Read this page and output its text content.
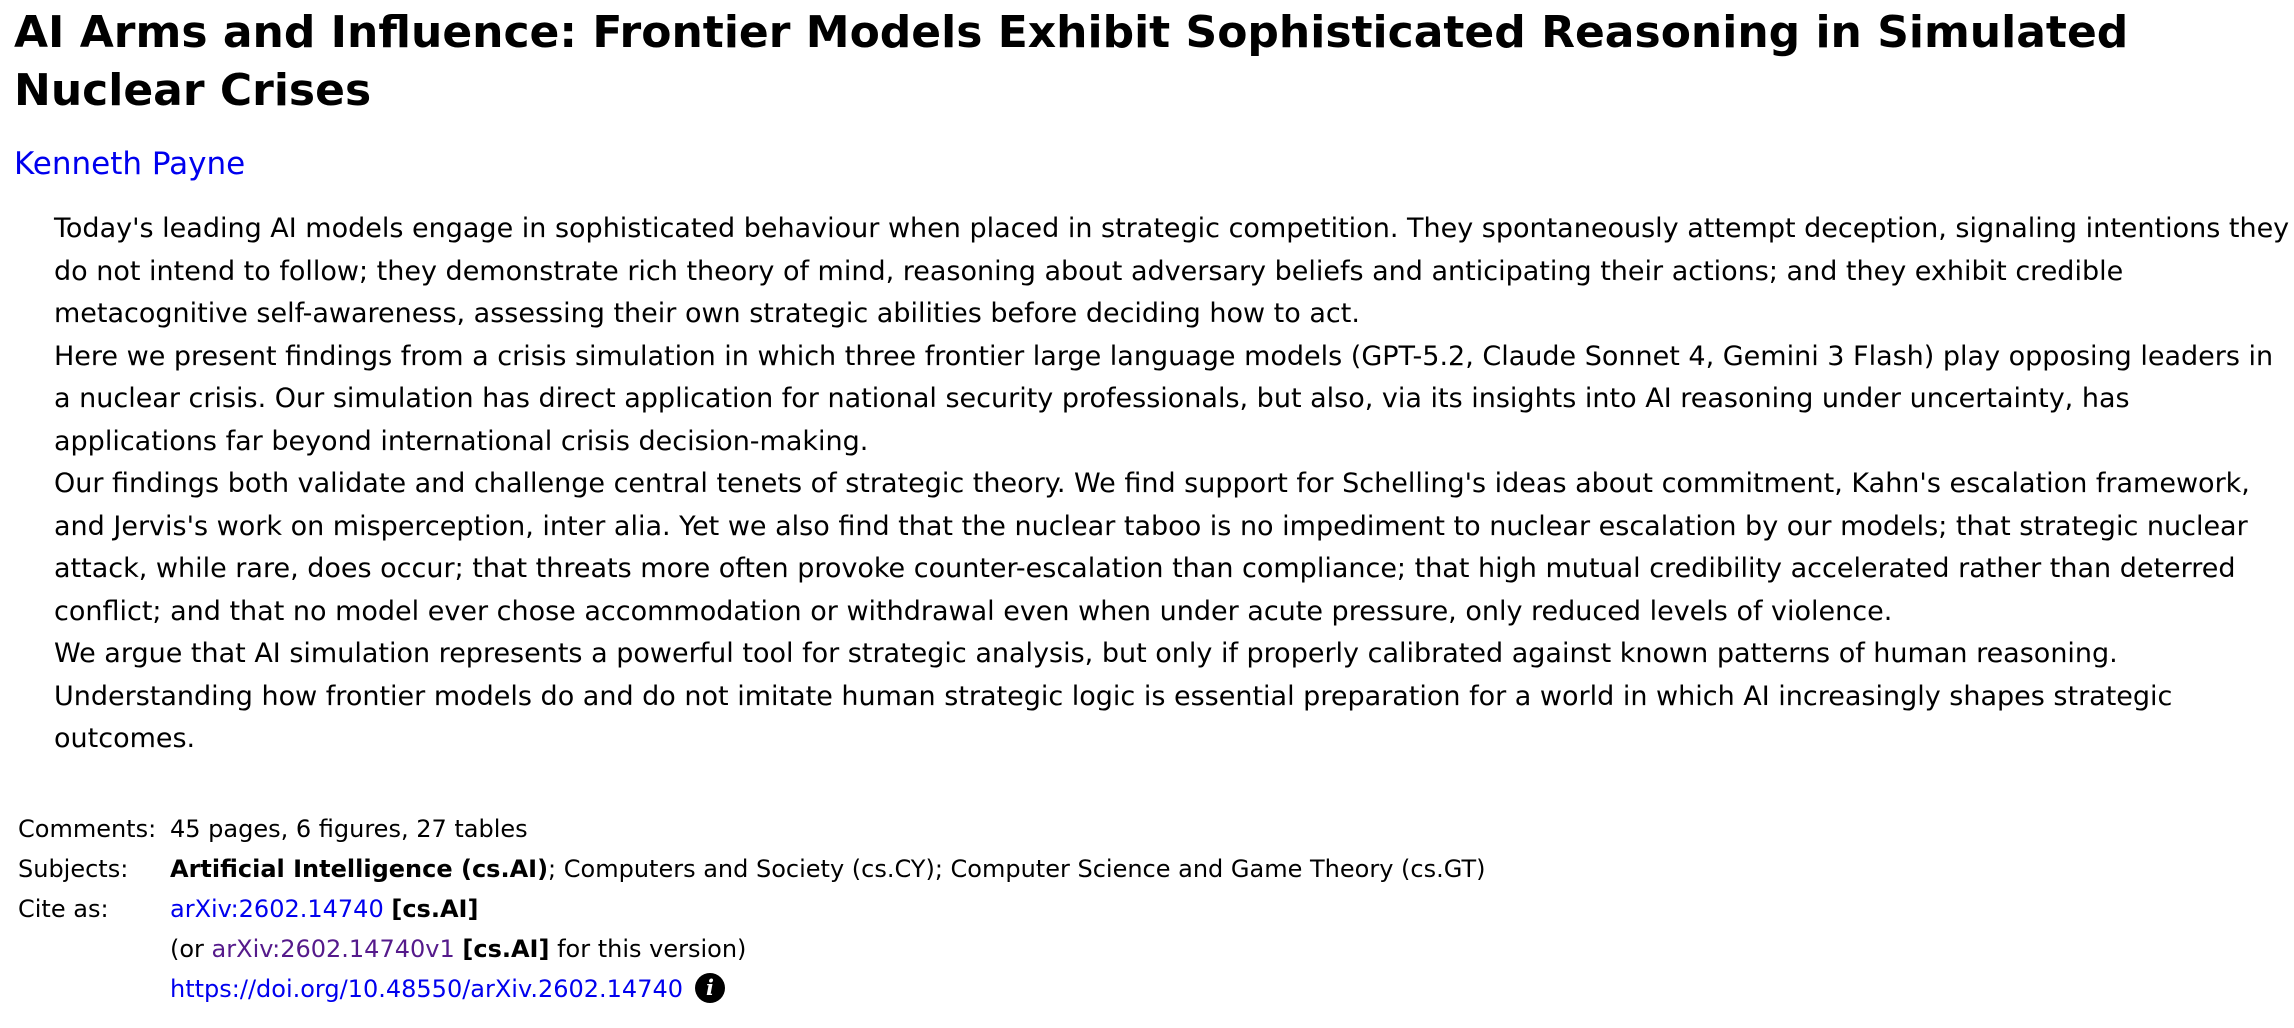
AI Arms and Influence: Frontier Models Exhibit Sophisticated Reasoning in Simulated Nuclear Crises
Kenneth Payne

Today's leading AI models engage in sophisticated behaviour when placed in strategic competition. They spontaneously attempt deception, signaling intentions they do not intend to follow; they demonstrate rich theory of mind, reasoning about adversary beliefs and anticipating their actions; and they exhibit credible metacognitive self-awareness, assessing their own strategic abilities before deciding how to act.

Here we present findings from a crisis simulation in which three frontier large language models (GPT-5.2, Claude Sonnet 4, Gemini 3 Flash) play opposing leaders in a nuclear crisis. Our simulation has direct application for national security professionals, but also, via its insights into AI reasoning under uncertainty, has applications far beyond international crisis decision-making.

Our findings both validate and challenge central tenets of strategic theory. We find support for Schelling's ideas about commitment, Kahn's escalation framework, and Jervis's work on misperception, inter alia. Yet we also find that the nuclear taboo is no impediment to nuclear escalation by our models; that strategic nuclear attack, while rare, does occur; that threats more often provoke counter-escalation than compliance; that high mutual credibility accelerated rather than deterred conflict; and that no model ever chose accommodation or withdrawal even when under acute pressure, only reduced levels of violence.

We argue that AI simulation represents a powerful tool for strategic analysis, but only if properly calibrated against known patterns of human reasoning. Understanding how frontier models do and do not imitate human strategic logic is essential preparation for a world in which AI increasingly shapes strategic outcomes.

Comments:	45 pages, 6 figures, 27 tables
Subjects:	Artificial Intelligence (cs.AI); Computers and Society (cs.CY); Computer Science and Game Theory (cs.GT)
Cite as:	arXiv:2602.14740 [cs.AI]
	(or arXiv:2602.14740v1 [cs.AI] for this version)
	https://doi.org/10.48550/arXiv.2602.14740 i
